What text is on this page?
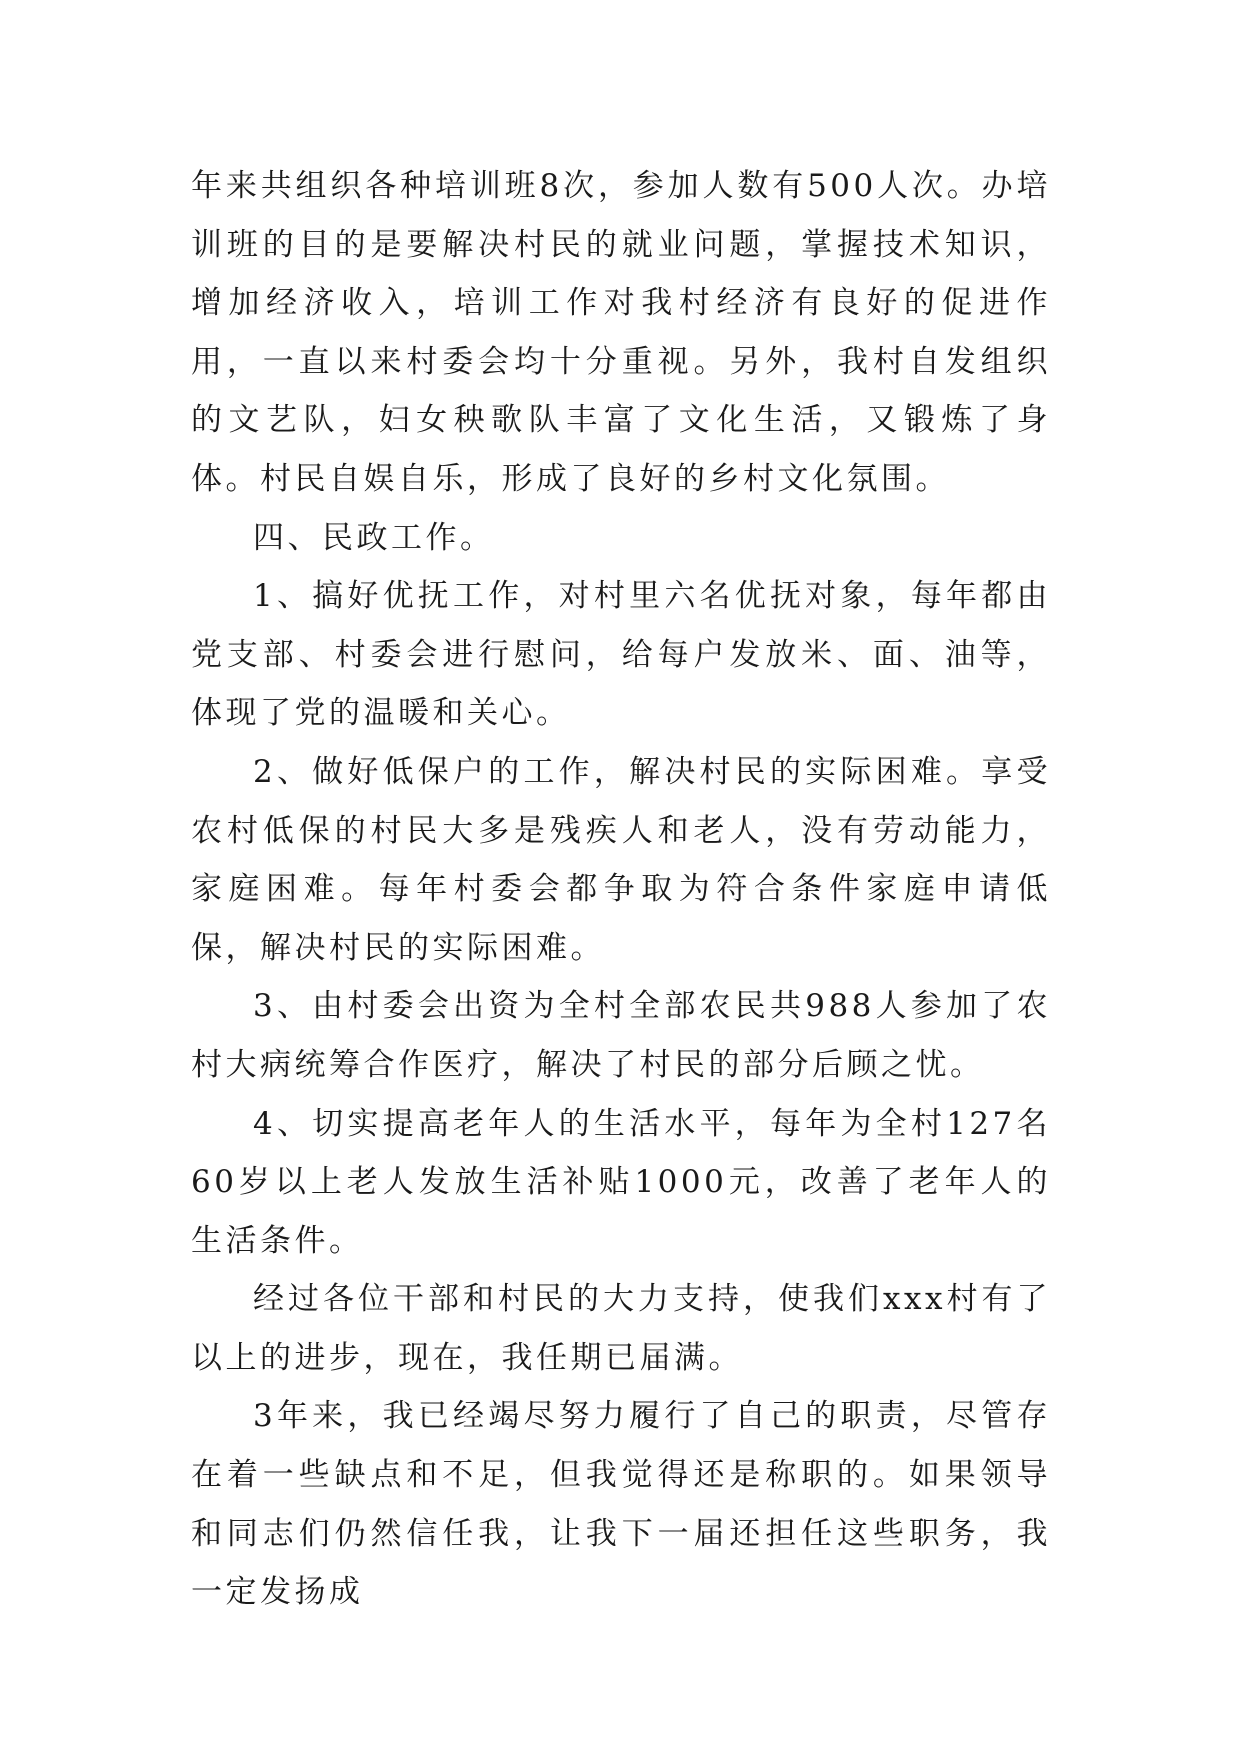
年来共组织各种培训班8次，参加人数有500人次。办培训班的目的是要解决村民的就业问题，掌握技术知识，增加经济收入，培训工作对我村经济有良好的促进作用，一直以来村委会均十分重视。另外，我村自发组织的文艺队，妇女秧歌队丰富了文化生活，又锻炼了身体。村民自娱自乐，形成了良好的乡村文化氛围。

四、民政工作。

1、搞好优抚工作，对村里六名优抚对象，每年都由党支部、村委会进行慰问，给每户发放米、面、油等，体现了党的温暖和关心。

2、做好低保户的工作，解决村民的实际困难。享受农村低保的村民大多是残疾人和老人，没有劳动能力，家庭困难。每年村委会都争取为符合条件家庭申请低保，解决村民的实际困难。

3、由村委会出资为全村全部农民共988人参加了农村大病统筹合作医疗，解决了村民的部分后顾之忧。

4、切实提高老年人的生活水平，每年为全村127名60岁以上老人发放生活补贴1000元，改善了老年人的生活条件。

经过各位干部和村民的大力支持，使我们xxx村有了以上的进步，现在，我任期已届满。

3年来，我已经竭尽努力履行了自己的职责，尽管存在着一些缺点和不足，但我觉得还是称职的。如果领导和同志们仍然信任我，让我下一届还担任这些职务，我一定发扬成
